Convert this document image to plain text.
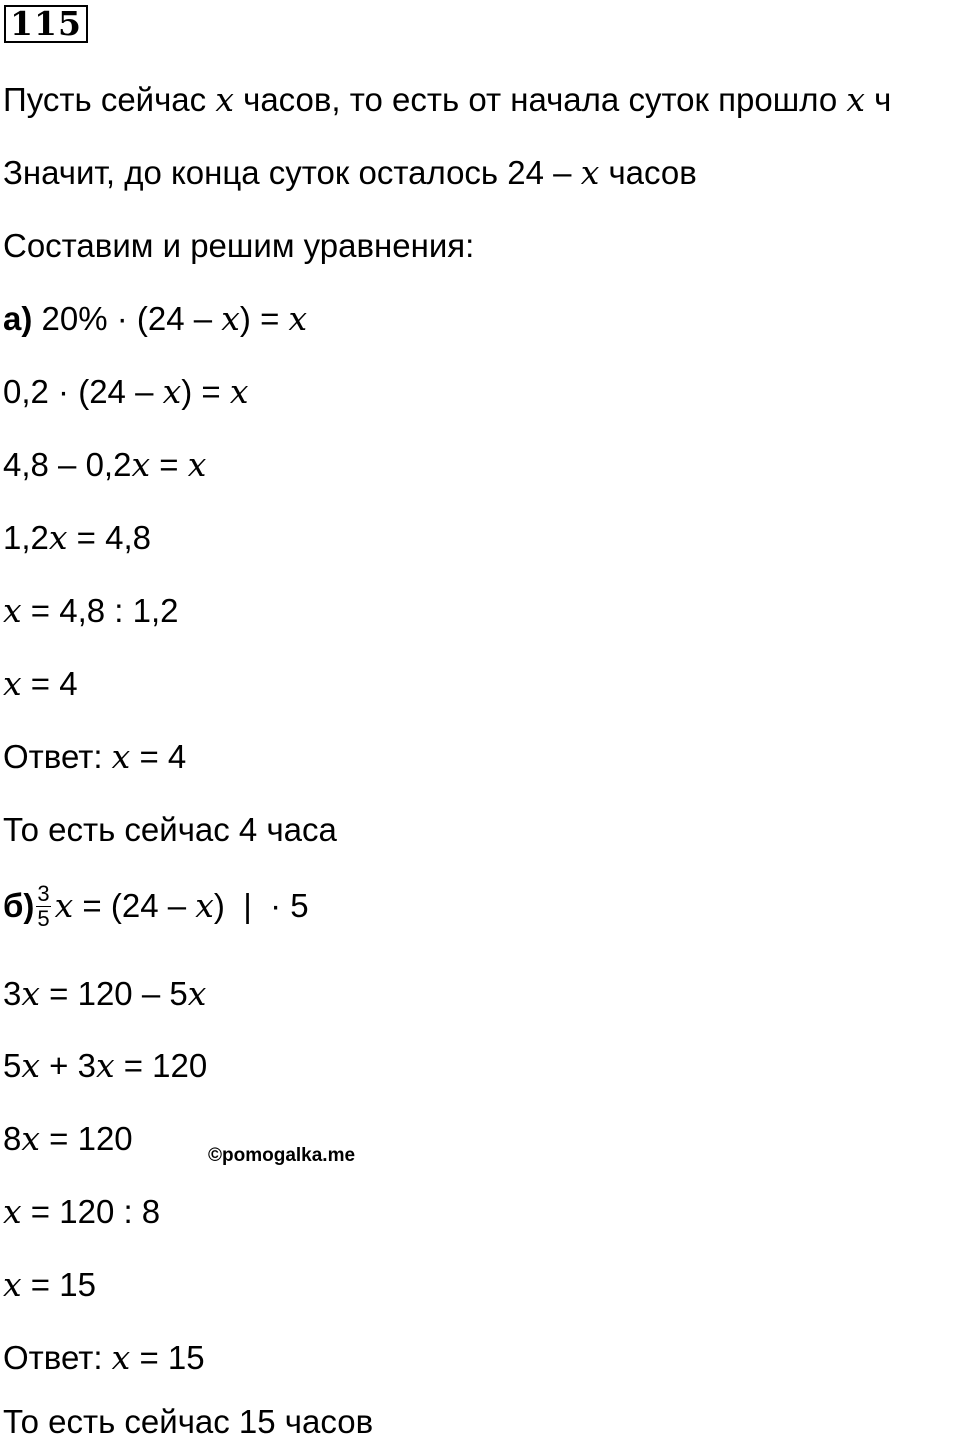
115
Пусть сейчас x часов, то есть от начала суток прошло x ч
Значит, до конца суток осталось 24 – x часов
Составим и решим уравнения:
а) 20% · (24 – x) = x
0,2 · (24 – x) = x
4,8 – 0,2x = x
1,2x = 4,8
x = 4,8 : 1,2
x = 4
Ответ: x = 4
То есть сейчас 4 часа
$б) \frac{3}{5}$ x = (24 – x)  |  · 5
3x = 120 – 5x
5x + 3x = 120
8x = 120
x = 120 : 8
x = 15
Ответ: x = 15
То есть сейчас 15 часов
©pomogalka.me
